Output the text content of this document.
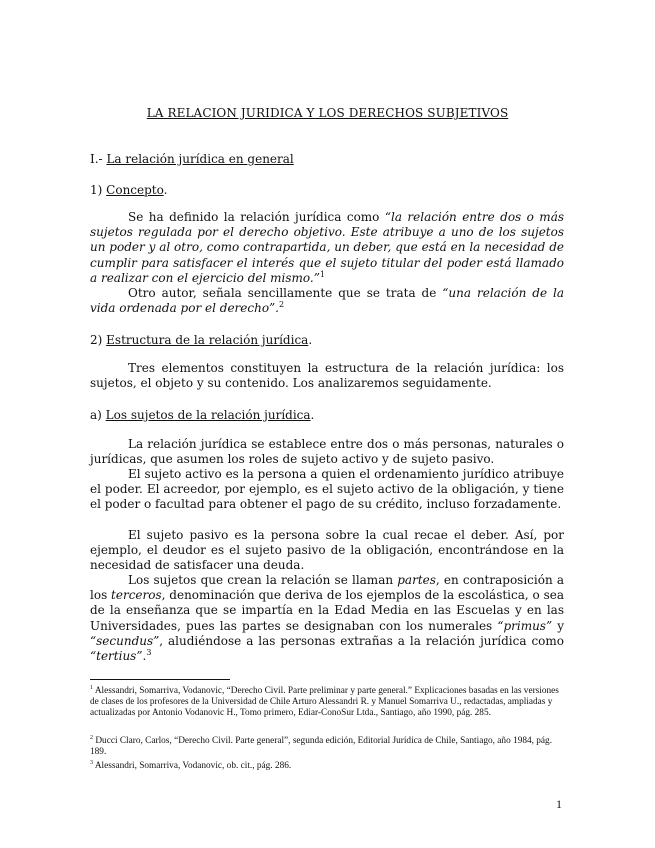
LA RELACION JURIDICA Y LOS DERECHOS SUBJETIVOS
I.- La relación jurídica en general
1) Concepto.

Se ha definido la relación jurídica como “la relación entre dos o más sujetos regulada por el derecho objetivo. Este atribuye a uno de los sujetos un poder y al otro, como contrapartida, un deber, que está en la necesidad de cumplir para satisfacer el interés que el sujeto titular del poder está llamado a realizar con el ejercicio del mismo.”$^1$

Otro autor, señala sencillamente que se trata de “una relación de la vida ordenada por el derecho”.$^2$

2) Estructura de la relación jurídica.

Tres elementos constituyen la estructura de la relación jurídica: los sujetos, el objeto y su contenido. Los analizaremos seguidamente.

a) Los sujetos de la relación jurídica.

La relación jurídica se establece entre dos o más personas, naturales o jurídicas, que asumen los roles de sujeto activo y de sujeto pasivo.

El sujeto activo es la persona a quien el ordenamiento jurídico atribuye el poder. El acreedor, por ejemplo, es el sujeto activo de la obligación, y tiene el poder o facultad para obtener el pago de su crédito, incluso forzadamente.

El sujeto pasivo es la persona sobre la cual recae el deber. Así, por ejemplo, el deudor es el sujeto pasivo de la obligación, encontrándose en la necesidad de satisfacer una deuda.

Los sujetos que crean la relación se llaman partes, en contraposición a los terceros, denominación que deriva de los ejemplos de la escolástica, o sea de la enseñanza que se impartía en la Edad Media en las Escuelas y en las Universidades, pues las partes se designaban con los numerales “primus” y “secundus”, aludiéndose a las personas extrañas a la relación jurídica como “tertius”.$^3$

$^1$ Alessandri, Somarriva, Vodanovic, “Derecho Civil. Parte preliminar y parte general.” Explicaciones basadas en las versiones de clases de los profesores de la Universidad de Chile Arturo Alessandri R. y Manuel Somarriva U., redactadas, ampliadas y actualizadas por Antonio Vodanovic H., Tomo primero, Ediar-ConoSur Ltda., Santiago, año 1990, pág. 285.

$^2$ Ducci Claro, Carlos, “Derecho Civil. Parte general”, segunda edición, Editorial Jurídica de Chile, Santiago, año 1984, pág. 189.

$^3$ Alessandri, Somarriva, Vodanovic, ob. cit., pág. 286.

1
